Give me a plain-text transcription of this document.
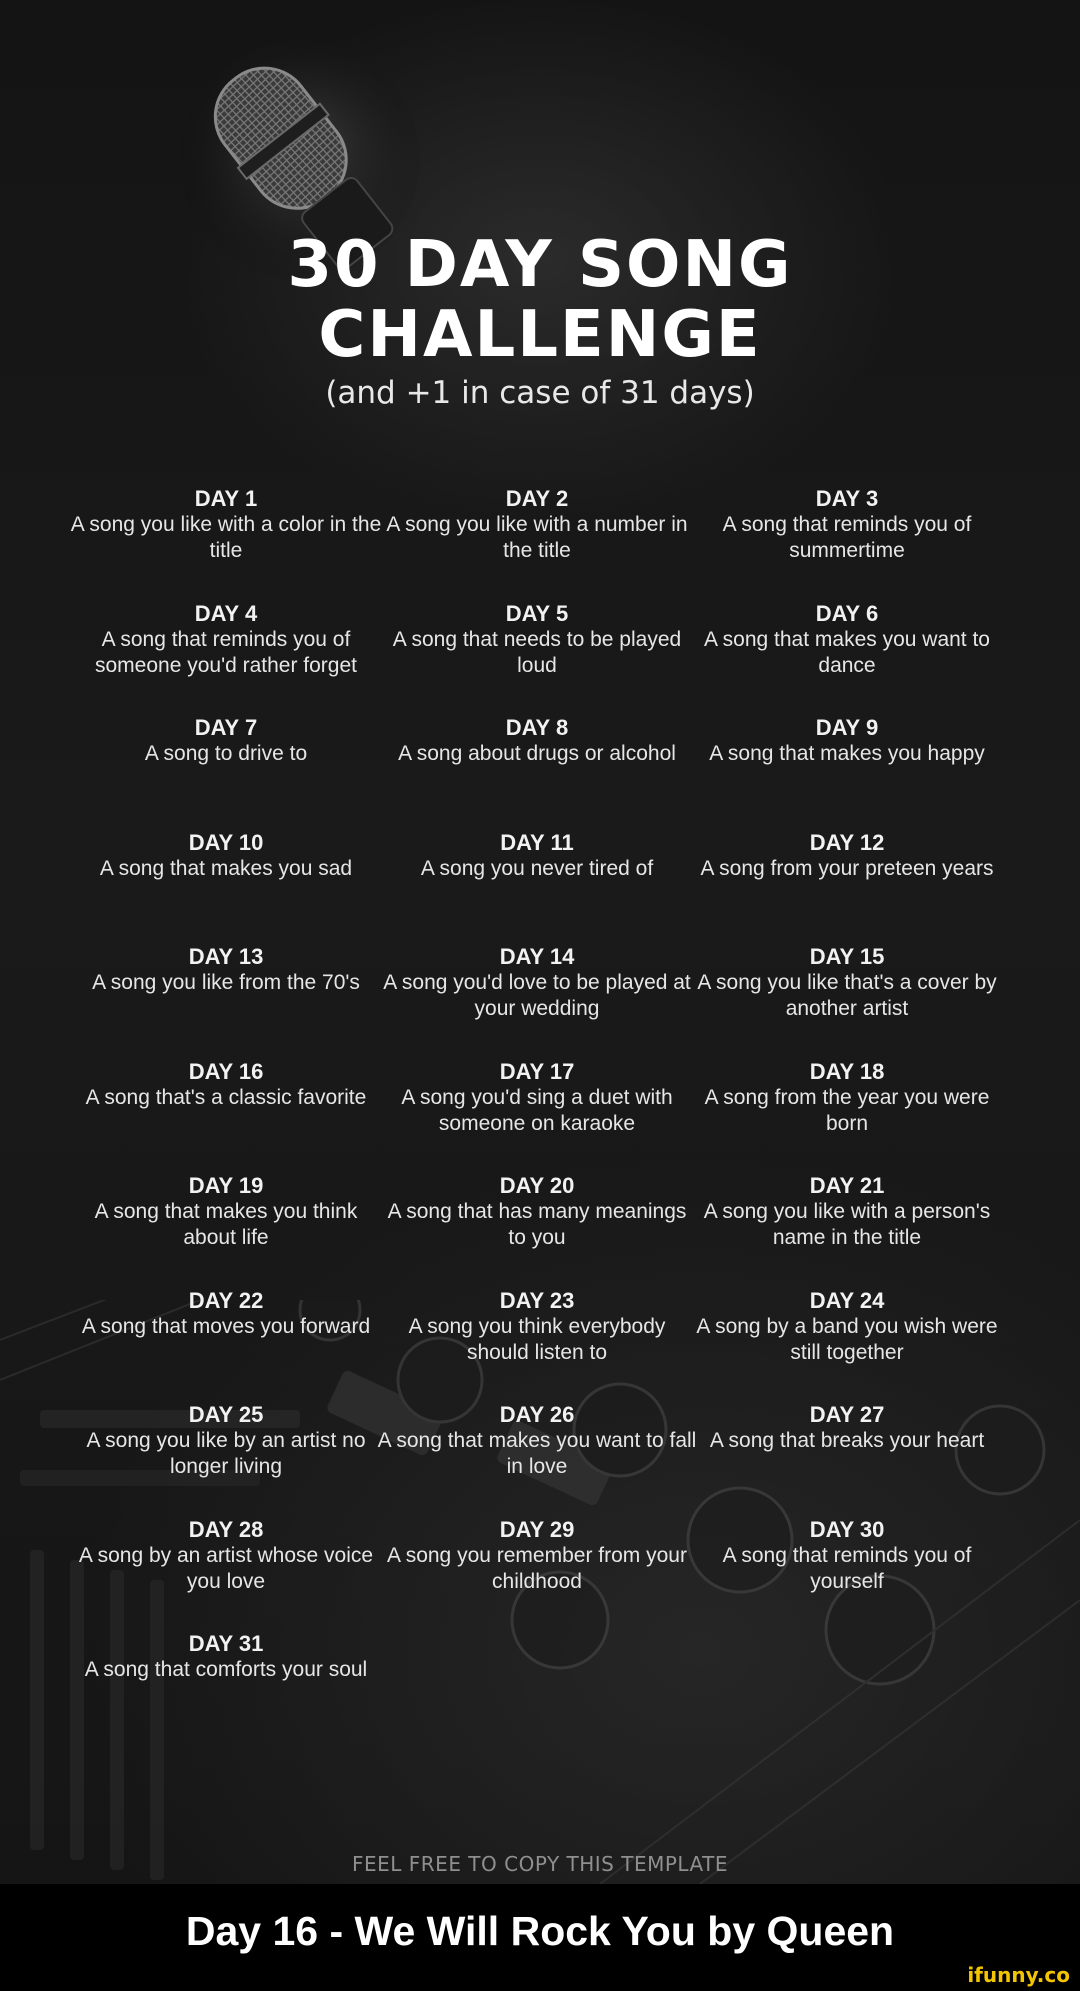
30 DAY SONG
CHALLENGE
(and +1 in case of 31 days)
DAY 1
A song you like with a color in the title
DAY 2
A song you like with a number in the title
DAY 3
A song that reminds you of summertime
DAY 4
A song that reminds you of someone you'd rather forget
DAY 5
A song that needs to be played loud
DAY 6
A song that makes you want to dance
DAY 7
A song to drive to
DAY 8
A song about drugs or alcohol
DAY 9
A song that makes you happy
DAY 10
A song that makes you sad
DAY 11
A song you never tired of
DAY 12
A song from your preteen years
DAY 13
A song you like from the 70's
DAY 14
A song you'd love to be played at your wedding
DAY 15
A song you like that's a cover by another artist
DAY 16
A song that's a classic favorite
DAY 17
A song you'd sing a duet with someone on karaoke
DAY 18
A song from the year you were born
DAY 19
A song that makes you think about life
DAY 20
A song that has many meanings to you
DAY 21
A song you like with a person's name in the title
DAY 22
A song that moves you forward
DAY 23
A song you think everybody should listen to
DAY 24
A song by a band you wish were still together
DAY 25
A song you like by an artist no longer living
DAY 26
A song that makes you want to fall in love
DAY 27
A song that breaks your heart
DAY 28
A song by an artist whose voice you love
DAY 29
A song you remember from your childhood
DAY 30
A song that reminds you of yourself
DAY 31
A song that comforts your soul
FEEL FREE TO COPY THIS TEMPLATE
Day 16 - We Will Rock You by Queen
ifunny.co
